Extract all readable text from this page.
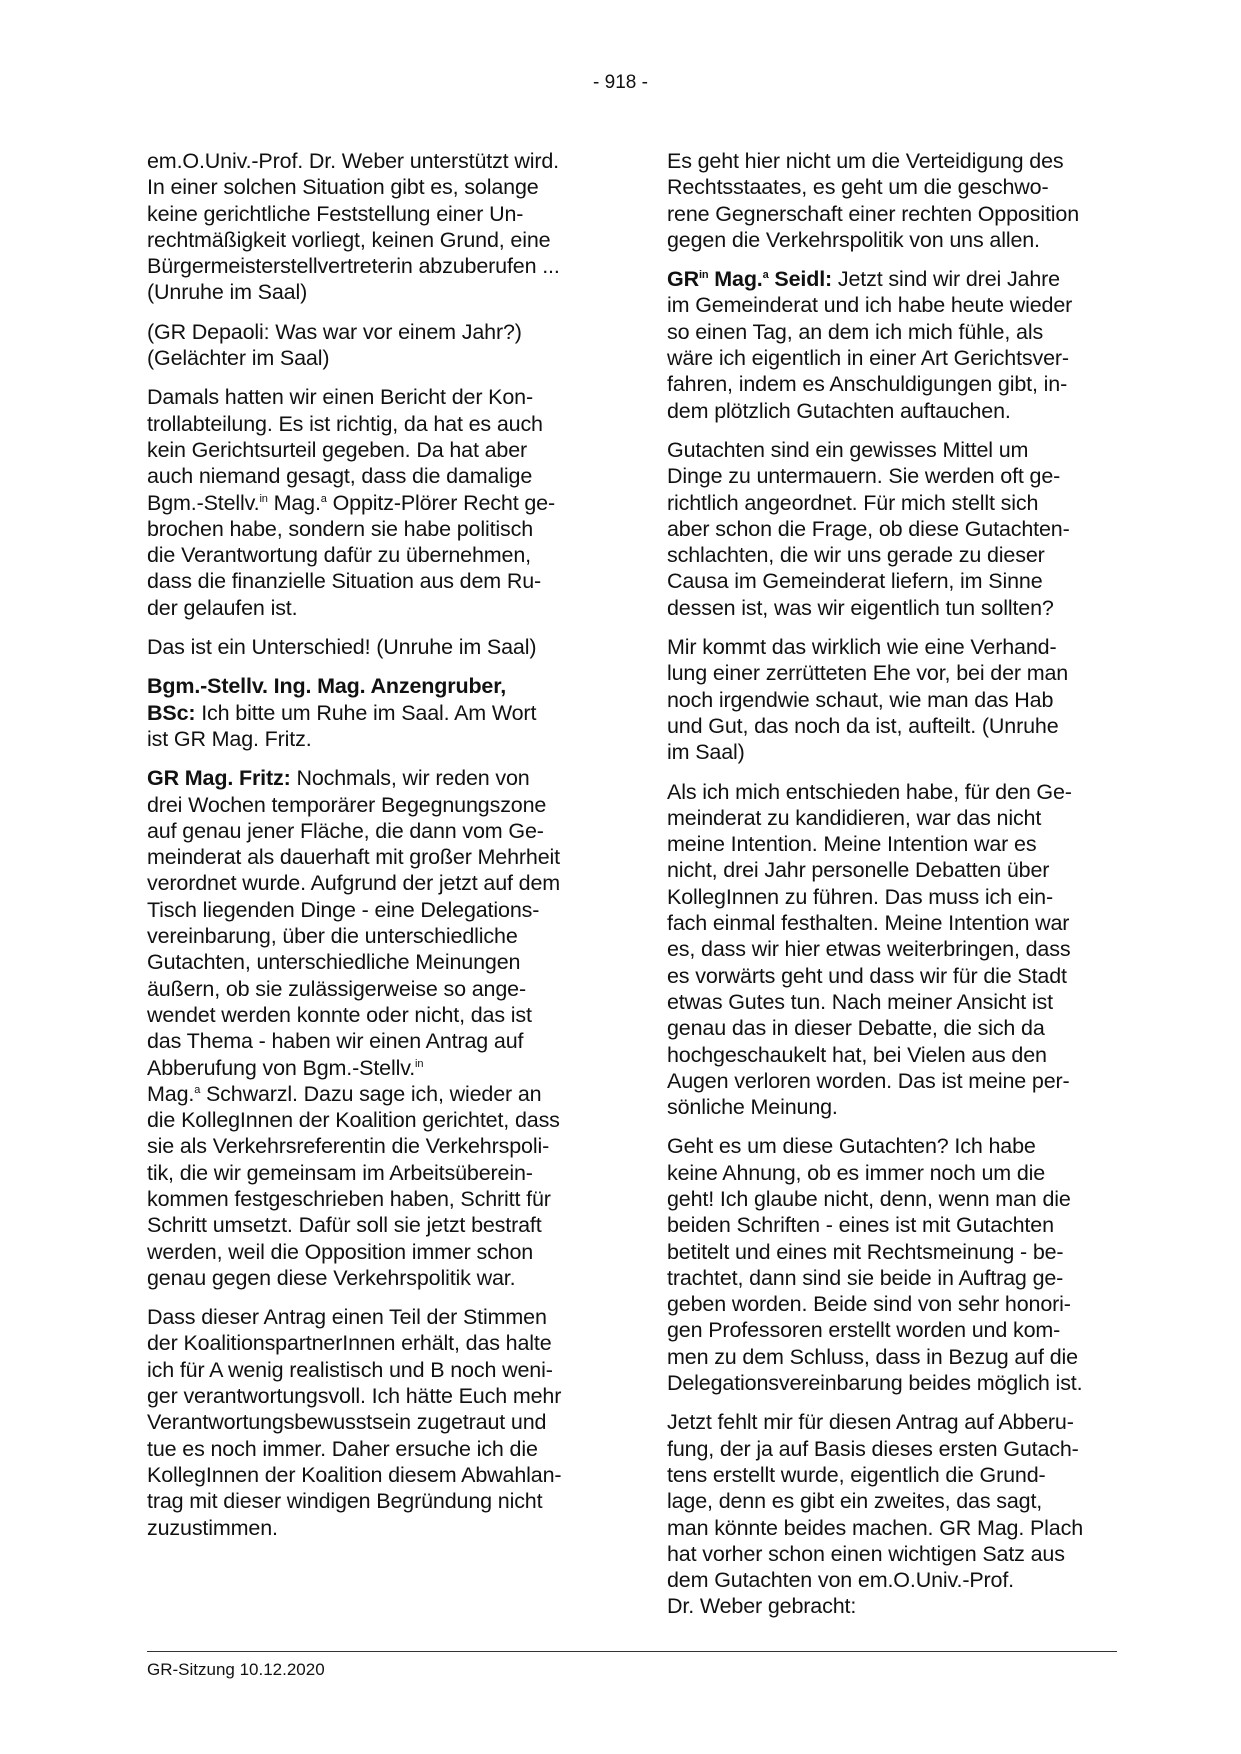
- 918 -

em.O.Univ.-Prof. Dr. Weber unterstützt wird.
In einer solchen Situation gibt es, solange
keine gerichtliche Feststellung einer Un-
rechtmäßigkeit vorliegt, keinen Grund, eine
Bürgermeisterstellvertreterin abzuberufen ...
(Unruhe im Saal)

(GR Depaoli: Was war vor einem Jahr?)
(Gelächter im Saal)

Damals hatten wir einen Bericht der Kon-
trollabteilung. Es ist richtig, da hat es auch
kein Gerichtsurteil gegeben. Da hat aber
auch niemand gesagt, dass die damalige
Bgm.-Stellv.$^{in}$ Mag.$^a$ Oppitz-Plörer Recht ge-
brochen habe, sondern sie habe politisch
die Verantwortung dafür zu übernehmen,
dass die finanzielle Situation aus dem Ru-
der gelaufen ist.

Das ist ein Unterschied! (Unruhe im Saal)

Bgm.-Stellv. Ing. Mag. Anzengruber,
BSc: Ich bitte um Ruhe im Saal. Am Wort
ist GR Mag. Fritz.

GR Mag. Fritz: Nochmals, wir reden von
drei Wochen temporärer Begegnungszone
auf genau jener Fläche, die dann vom Ge-
meinderat als dauerhaft mit großer Mehrheit
verordnet wurde. Aufgrund der jetzt auf dem
Tisch liegenden Dinge - eine Delegations-
vereinbarung, über die unterschiedliche
Gutachten, unterschiedliche Meinungen
äußern, ob sie zulässigerweise so ange-
wendet werden konnte oder nicht, das ist
das Thema - haben wir einen Antrag auf
Abberufung von Bgm.-Stellv.$^{in}$
Mag.$^a$ Schwarzl. Dazu sage ich, wieder an
die KollegInnen der Koalition gerichtet, dass
sie als Verkehrsreferentin die Verkehrspoli-
tik, die wir gemeinsam im Arbeitsüberein-
kommen festgeschrieben haben, Schritt für
Schritt umsetzt. Dafür soll sie jetzt bestraft
werden, weil die Opposition immer schon
genau gegen diese Verkehrspolitik war.

Dass dieser Antrag einen Teil der Stimmen
der KoalitionspartnerInnen erhält, das halte
ich für A wenig realistisch und B noch weni-
ger verantwortungsvoll. Ich hätte Euch mehr
Verantwortungsbewusstsein zugetraut und
tue es noch immer. Daher ersuche ich die
KollegInnen der Koalition diesem Abwahlan-
trag mit dieser windigen Begründung nicht
zuzustimmen.

Es geht hier nicht um die Verteidigung des
Rechtsstaates, es geht um die geschwo-
rene Gegnerschaft einer rechten Opposition
gegen die Verkehrspolitik von uns allen.

$GR^{in}$ Mag.$^a$ Seidl: Jetzt sind wir drei Jahre
im Gemeinderat und ich habe heute wieder
so einen Tag, an dem ich mich fühle, als
wäre ich eigentlich in einer Art Gerichtsver-
fahren, indem es Anschuldigungen gibt, in-
dem plötzlich Gutachten auftauchen.

Gutachten sind ein gewisses Mittel um
Dinge zu untermauern. Sie werden oft ge-
richtlich angeordnet. Für mich stellt sich
aber schon die Frage, ob diese Gutachten-
schlachten, die wir uns gerade zu dieser
Causa im Gemeinderat liefern, im Sinne
dessen ist, was wir eigentlich tun sollten?

Mir kommt das wirklich wie eine Verhand-
lung einer zerrütteten Ehe vor, bei der man
noch irgendwie schaut, wie man das Hab
und Gut, das noch da ist, aufteilt. (Unruhe
im Saal)

Als ich mich entschieden habe, für den Ge-
meinderat zu kandidieren, war das nicht
meine Intention. Meine Intention war es
nicht, drei Jahr personelle Debatten über
KollegInnen zu führen. Das muss ich ein-
fach einmal festhalten. Meine Intention war
es, dass wir hier etwas weiterbringen, dass
es vorwärts geht und dass wir für die Stadt
etwas Gutes tun. Nach meiner Ansicht ist
genau das in dieser Debatte, die sich da
hochgeschaukelt hat, bei Vielen aus den
Augen verloren worden. Das ist meine per-
sönliche Meinung.

Geht es um diese Gutachten? Ich habe
keine Ahnung, ob es immer noch um die
geht! Ich glaube nicht, denn, wenn man die
beiden Schriften - eines ist mit Gutachten
betitelt und eines mit Rechtsmeinung - be-
trachtet, dann sind sie beide in Auftrag ge-
geben worden. Beide sind von sehr honori-
gen Professoren erstellt worden und kom-
men zu dem Schluss, dass in Bezug auf die
Delegationsvereinbarung beides möglich ist.

Jetzt fehlt mir für diesen Antrag auf Abberu-
fung, der ja auf Basis dieses ersten Gutach-
tens erstellt wurde, eigentlich die Grund-
lage, denn es gibt ein zweites, das sagt,
man könnte beides machen. GR Mag. Plach
hat vorher schon einen wichtigen Satz aus
dem Gutachten von em.O.Univ.-Prof.
Dr. Weber gebracht:

GR-Sitzung 10.12.2020
